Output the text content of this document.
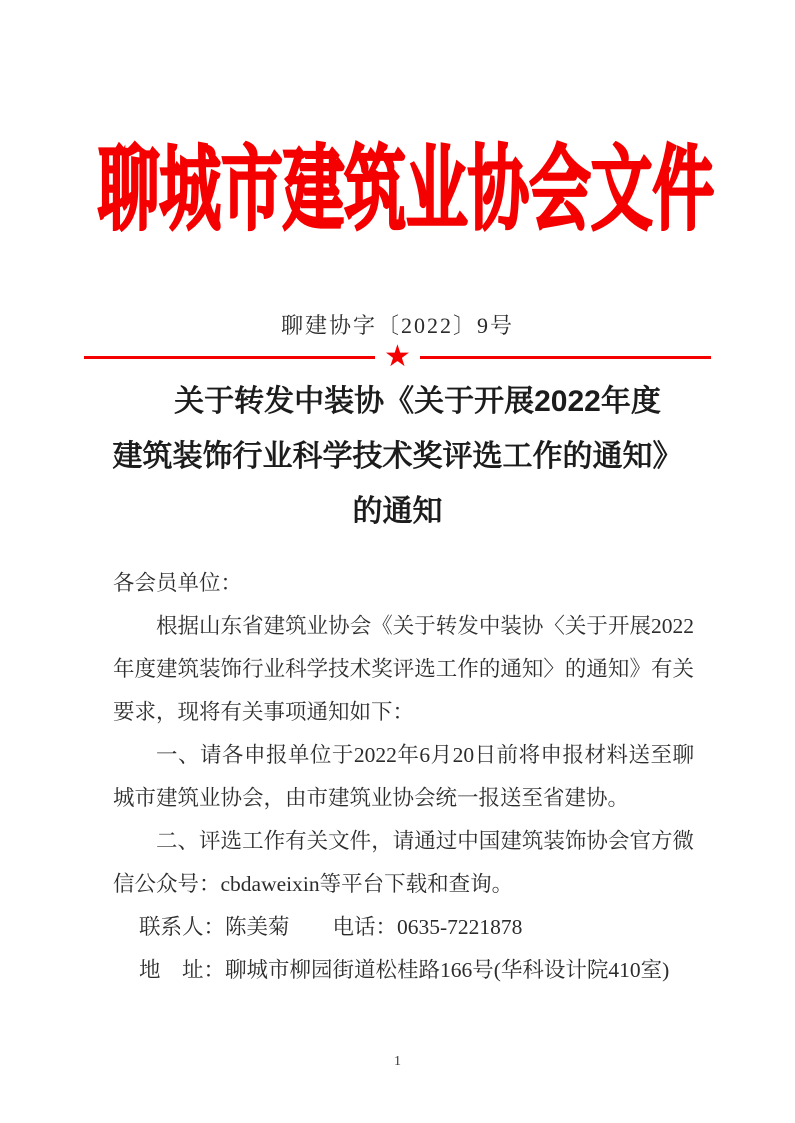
聊城市建筑业协会文件
聊建协字〔2022〕9号
★
关于转发中装协《关于开展2022年度
建筑装饰行业科学技术奖评选工作的通知》
的通知

各会员单位：

根据山东省建筑业协会《关于转发中装协〈关于开展2022年度建筑装饰行业科学技术奖评选工作的通知〉的通知》有关要求，现将有关事项通知如下：

一、请各申报单位于2022年6月20日前将申报材料送至聊城市建筑业协会，由市建筑业协会统一报送至省建协。

二、评选工作有关文件，请通过中国建筑装饰协会官方微信公众号：cbdaweixin等平台下载和查询。

联系人：陈美菊　　电话：0635-7221878

地　址：聊城市柳园街道松桂路166号(华科设计院410室)

1
